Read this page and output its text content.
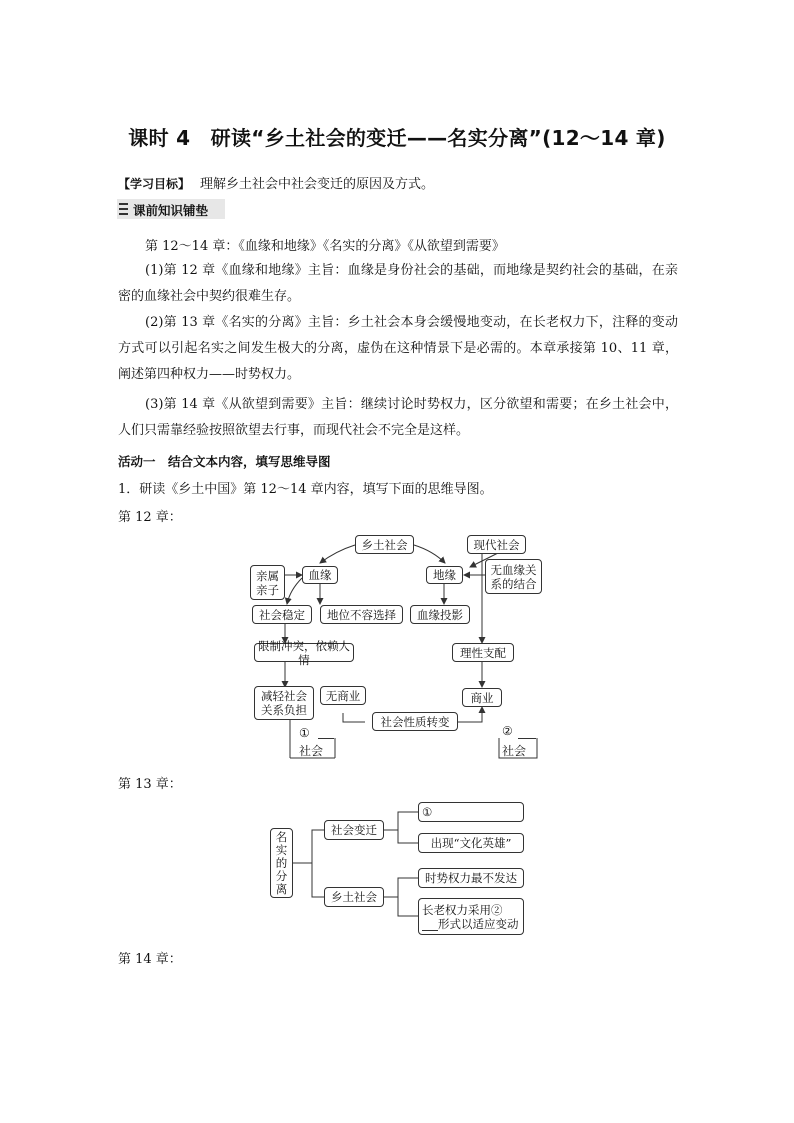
课时 4　研读“乡土社会的变迁——名实分离”(12～14 章)
【学习目标】 理解乡土社会中社会变迁的原因及方式。
课前知识铺垫
第 12～14 章：《血缘和地缘》《名实的分离》《从欲望到需要》
(1)第 12 章《血缘和地缘》主旨：血缘是身份社会的基础，而地缘是契约社会的基础，在亲密的血缘社会中契约很难生存。
(2)第 13 章《名实的分离》主旨：乡土社会本身会缓慢地变动，在长老权力下，注释的变动方式可以引起名实之间发生极大的分离，虚伪在这种情景下是必需的。本章承接第 10、11 章，阐述第四种权力——时势权力。
(3)第 14 章《从欲望到需要》主旨：继续讨论时势权力，区分欲望和需要；在乡土社会中，人们只需靠经验按照欲望去行事，而现代社会不完全是这样。
活动一　结合文本内容，填写思维导图
1．研读《乡土中国》第 12～14 章内容，填写下面的思维导图。
第 12 章：
乡土社会	现代社会
亲属亲子
血缘	地缘	无血缘关系的结合
社会稳定	地位不容选择	血缘投影
限制冲突，依赖人情	理性支配
减轻社会关系负担
无商业	商业
社会性质转变
①
社会
②
社会
第 13 章：
名实的分离
社会变迁
乡土社会
①
出现“文化英雄”
时势权力最不发达
长老权力采用②
形式以适应变动
第 14 章：
